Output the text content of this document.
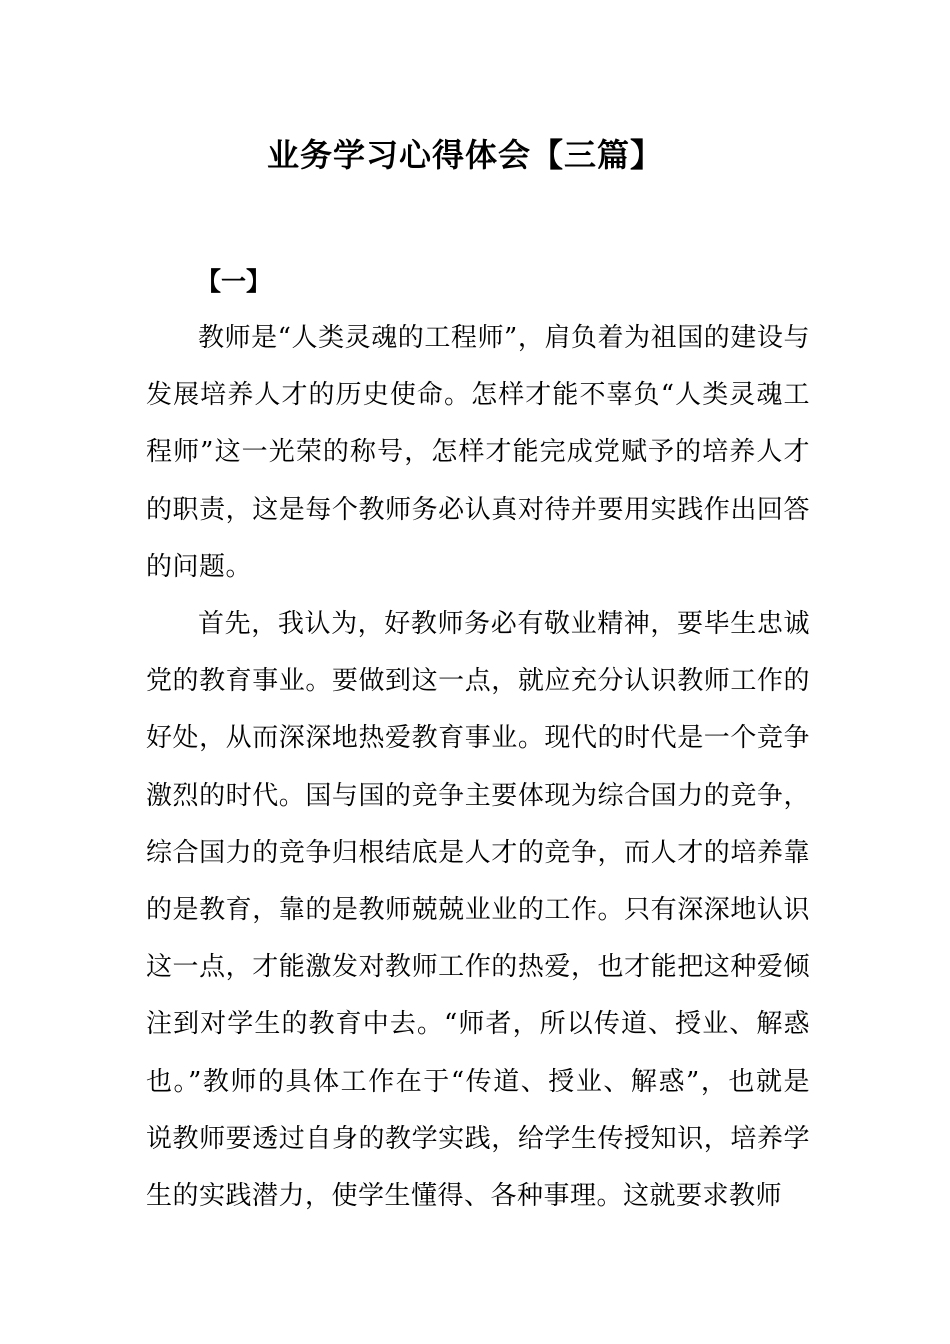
业务学习心得体会【三篇】
【一】

教师是“人类灵魂的工程师”，肩负着为祖国的建设与发展培养人才的历史使命。怎样才能不辜负“人类灵魂工程师”这一光荣的称号，怎样才能完成党赋予的培养人才的职责，这是每个教师务必认真对待并要用实践作出回答的问题。

首先，我认为，好教师务必有敬业精神，要毕生忠诚党的教育事业。要做到这一点，就应充分认识教师工作的好处，从而深深地热爱教育事业。现代的时代是一个竞争激烈的时代。国与国的竞争主要体现为综合国力的竞争，综合国力的竞争归根结底是人才的竞争，而人才的培养靠的是教育，靠的是教师兢兢业业的工作。只有深深地认识这一点，才能激发对教师工作的热爱，也才能把这种爱倾注到对学生的教育中去。“师者，所以传道、授业、解惑也。”教师的具体工作在于“传道、授业、解惑”，也就是说教师要透过自身的教学实践，给学生传授知识，培养学生的实践潜力，使学生懂得、各种事理。这就要求教师
